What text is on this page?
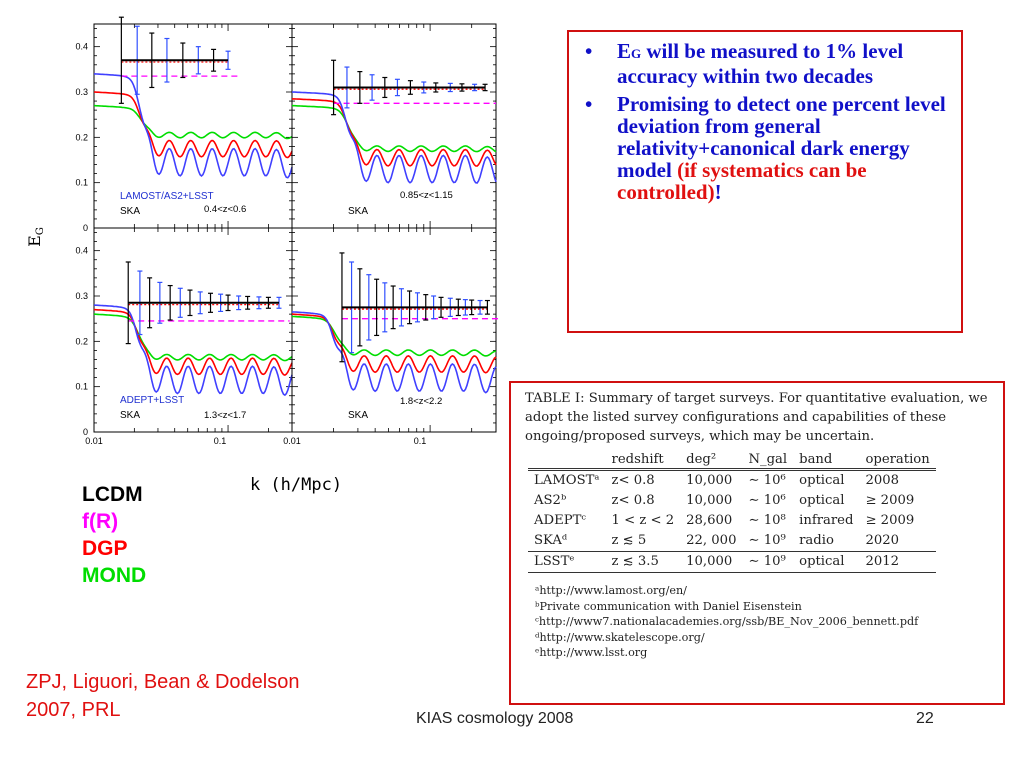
0
0.1
0.2
0.3
0.4
LAMOST/AS2+LSST
SKA	0.4<z<0.6	SKA
0.85<z<1.15
ADEPT+LSST
SKA	1.3<z<1.7	SKA
1.8<z<2.2
0
0.1
0.2
0.3
0.4
0.01	0.1	0.01	0.1
k (h/Mpc)
EG
• EG will be measured to 1% level accuracy within two decades
• Promising to detect one percent level deviation from general relativity+canonical dark energy model (if systematics can be controlled)!

TABLE I: Summary of target surveys. For quantitative evaluation, we adopt the listed survey configurations and capabilities of these ongoing/proposed surveys, which may be uncertain.

	redshift	deg²	N_gal	band	operation
LAMOSTᵃ	z< 0.8	10,000	∼ 10⁶	optical	2008
AS2ᵇ	z< 0.8	10,000	∼ 10⁶	optical	≥ 2009
ADEPTᶜ	1 < z < 2	28,600	∼ 10⁸	infrared	≥ 2009
SKAᵈ	z ≲ 5	22, 000	∼ 10⁹	radio	2020
LSSTᵉ	z ≲ 3.5	10,000	∼ 10⁹	optical	2012
ᵃhttp://www.lamost.org/en/
ᵇPrivate communication with Daniel Eisenstein
ᶜhttp://www7.nationalacademies.org/ssb/BE_Nov_2006_bennett.pdf
ᵈhttp://www.skatelescope.org/
ᵉhttp://www.lsst.org
LCDM
f(R)
DGP
MOND
ZPJ, Liguori, Bean & Dodelson
2007, PRL	KIAS cosmology 2008	22
